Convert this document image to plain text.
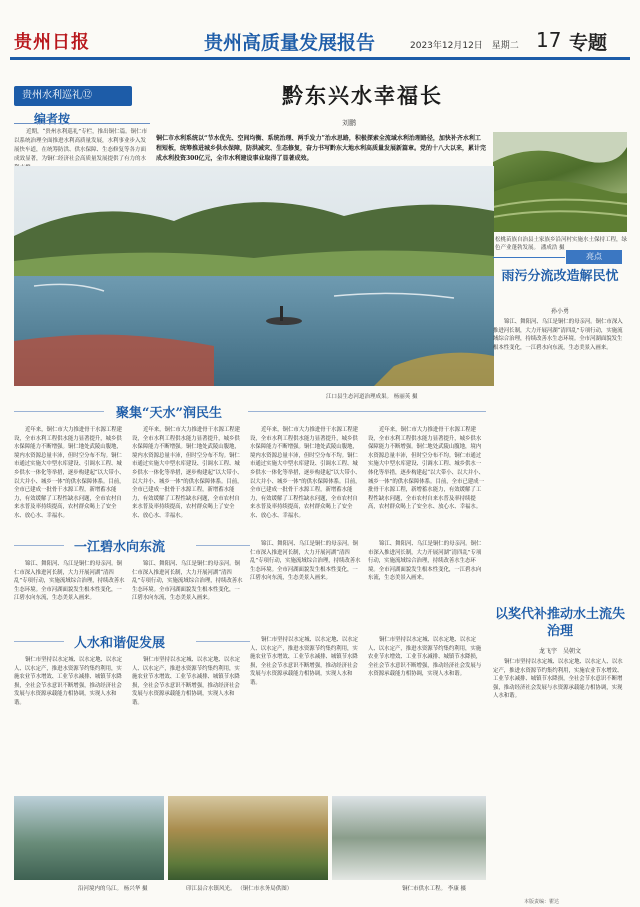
贵州日报	贵州高质量发展报告	2023年12月12日　星期二 17 专题
贵州水利巡礼⑫	黔东兴水幸福长
刘鹏
编者按
近期，“贵州水利巡礼”专栏，推出铜仁篇。铜仁市以系统治理全面推进水利高质量发展，水利事业步入发展快车道，在统筹防洪、供水保障、生态修复等各方面成效显著，为铜仁经济社会高质量发展提供了有力的水
铜仁市水利系统以“节水优先、空间均衡、系统治理、两手发力”治水思路，积极探索全流域水利治理路径，加快补齐水利工程短板，统筹推进城乡供水保障，防洪减灾、生态修复，奋力书写黔东大地水利高质量发展新篇章。党的十八大以来，累计完成水利投资300亿元，全市水利建设事业取得了显著成效。
松桃苗族自治县土家族乡沿河村实施水土保持工程，绿色产业蓬勃发展。 潘成浩 摄
江口县生态河道治理成果。 杨丽英 摄
聚集“天水”润民生
近年来，铜仁市大力推进骨干水源工程建设，全市水利工程供水能力显著提升，城乡供水保障能力不断增强。铜仁地处武陵山腹地，境内水资源总量丰沛，但时空分布不均。铜仁市通过实施大中型水库建设、引调水工程、城乡供水一体化等举措，逐步构建起“以大带小、以大并小、城乡一体”的供水保障体系。目前，全市已建成一批骨干水源工程，新增蓄水能力，有效缓解了工程性缺水问题，全市农村自来水普及率持续提高，农村群众喝上了安全水、放心水、幸福水。
近年来，铜仁市大力推进骨干水源工程建设，全市水利工程供水能力显著提升，城乡供水保障能力不断增强。铜仁地处武陵山腹地，境内水资源总量丰沛，但时空分布不均。铜仁市通过实施大中型水库建设、引调水工程、城乡供水一体化等举措，逐步构建起“以大带小、以大并小、城乡一体”的供水保障体系。目前，全市已建成一批骨干水源工程，新增蓄水能力，有效缓解了工程性缺水问题，全市农村自来水普及率持续提高，农村群众喝上了安全水、放心水、幸福水。
近年来，铜仁市大力推进骨干水源工程建设，全市水利工程供水能力显著提升，城乡供水保障能力不断增强。铜仁地处武陵山腹地，境内水资源总量丰沛，但时空分布不均。铜仁市通过实施大中型水库建设、引调水工程、城乡供水一体化等举措，逐步构建起“以大带小、以大并小、城乡一体”的供水保障体系。目前，全市已建成一批骨干水源工程，新增蓄水能力，有效缓解了工程性缺水问题，全市农村自来水普及率持续提高，农村群众喝上了安全水、放心水、幸福水。
近年来，铜仁市大力推进骨干水源工程建设，全市水利工程供水能力显著提升，城乡供水保障能力不断增强。铜仁地处武陵山腹地，境内水资源总量丰沛，但时空分布不均。铜仁市通过实施大中型水库建设、引调水工程、城乡供水一体化等举措，逐步构建起“以大带小、以大并小、城乡一体”的供水保障体系。目前，全市已建成一批骨干水源工程，新增蓄水能力，有效缓解了工程性缺水问题，全市农村自来水普及率持续提高，农村群众喝上了安全水、放心水、幸福水。
一江碧水向东流
锦江、舞阳河、乌江是铜仁的母亲河。铜仁市深入推进河长制，大力开展河湖“清四乱”专项行动，实施流域综合治理，持续改善水生态环境。全市河湖面貌发生根本性变化，一江碧水向东流，生态美景入画来。
锦江、舞阳河、乌江是铜仁的母亲河。铜仁市深入推进河长制，大力开展河湖“清四乱”专项行动，实施流域综合治理，持续改善水生态环境。全市河湖面貌发生根本性变化，一江碧水向东流，生态美景入画来。
锦江、舞阳河、乌江是铜仁的母亲河。铜仁市深入推进河长制，大力开展河湖“清四乱”专项行动，实施流域综合治理，持续改善水生态环境。全市河湖面貌发生根本性变化，一江碧水向东流，生态美景入画来。
锦江、舞阳河、乌江是铜仁的母亲河。铜仁市深入推进河长制，大力开展河湖“清四乱”专项行动，实施流域综合治理，持续改善水生态环境。全市河湖面貌发生根本性变化，一江碧水向东流，生态美景入画来。
人水和谐促发展
铜仁市坚持以水定城、以水定地、以水定人、以水定产，推进水资源节约集约利用，实施农业节水增效、工业节水减排、城镇节水降损，全社会节水意识不断增强，推动经济社会发展与水资源承载能力相协调，实现人水和谐。
铜仁市坚持以水定城、以水定地、以水定人、以水定产，推进水资源节约集约利用，实施农业节水增效、工业节水减排、城镇节水降损，全社会节水意识不断增强，推动经济社会发展与水资源承载能力相协调，实现人水和谐。
铜仁市坚持以水定城、以水定地、以水定人、以水定产，推进水资源节约集约利用，实施农业节水增效、工业节水减排、城镇节水降损，全社会节水意识不断增强，推动经济社会发展与水资源承载能力相协调，实现人水和谐。
铜仁市坚持以水定城、以水定地、以水定人、以水定产，推进水资源节约集约利用，实施农业节水增效、工业节水减排、城镇节水降损，全社会节水意识不断增强，推动经济社会发展与水资源承载能力相协调，实现人水和谐。
亮点
雨污分流改造解民忧
孙小勇
锦江、舞阳河、乌江是铜仁的母亲河。铜仁市深入推进河长制，大力开展河湖“清四乱”专项行动，实施流域综合治理，持续改善水生态环境。全市河湖面貌发生根本性变化，一江碧水向东流，生态美景入画来。
以奖代补推动水土流失治理
龙飞宇　吴朝文
铜仁市坚持以水定城、以水定地、以水定人、以水定产，推进水资源节约集约利用，实施农业节水增效、工业节水减排、城镇节水降损，全社会节水意识不断增强，推动经济社会发展与水资源承载能力相协调，实现人水和谐。
沿河境内的乌江。 杨兴华 摄	印江县合水镇风光。 （铜仁市水务局供图）	铜仁市供水工程。 李康 摄
本版责编：瞿达
